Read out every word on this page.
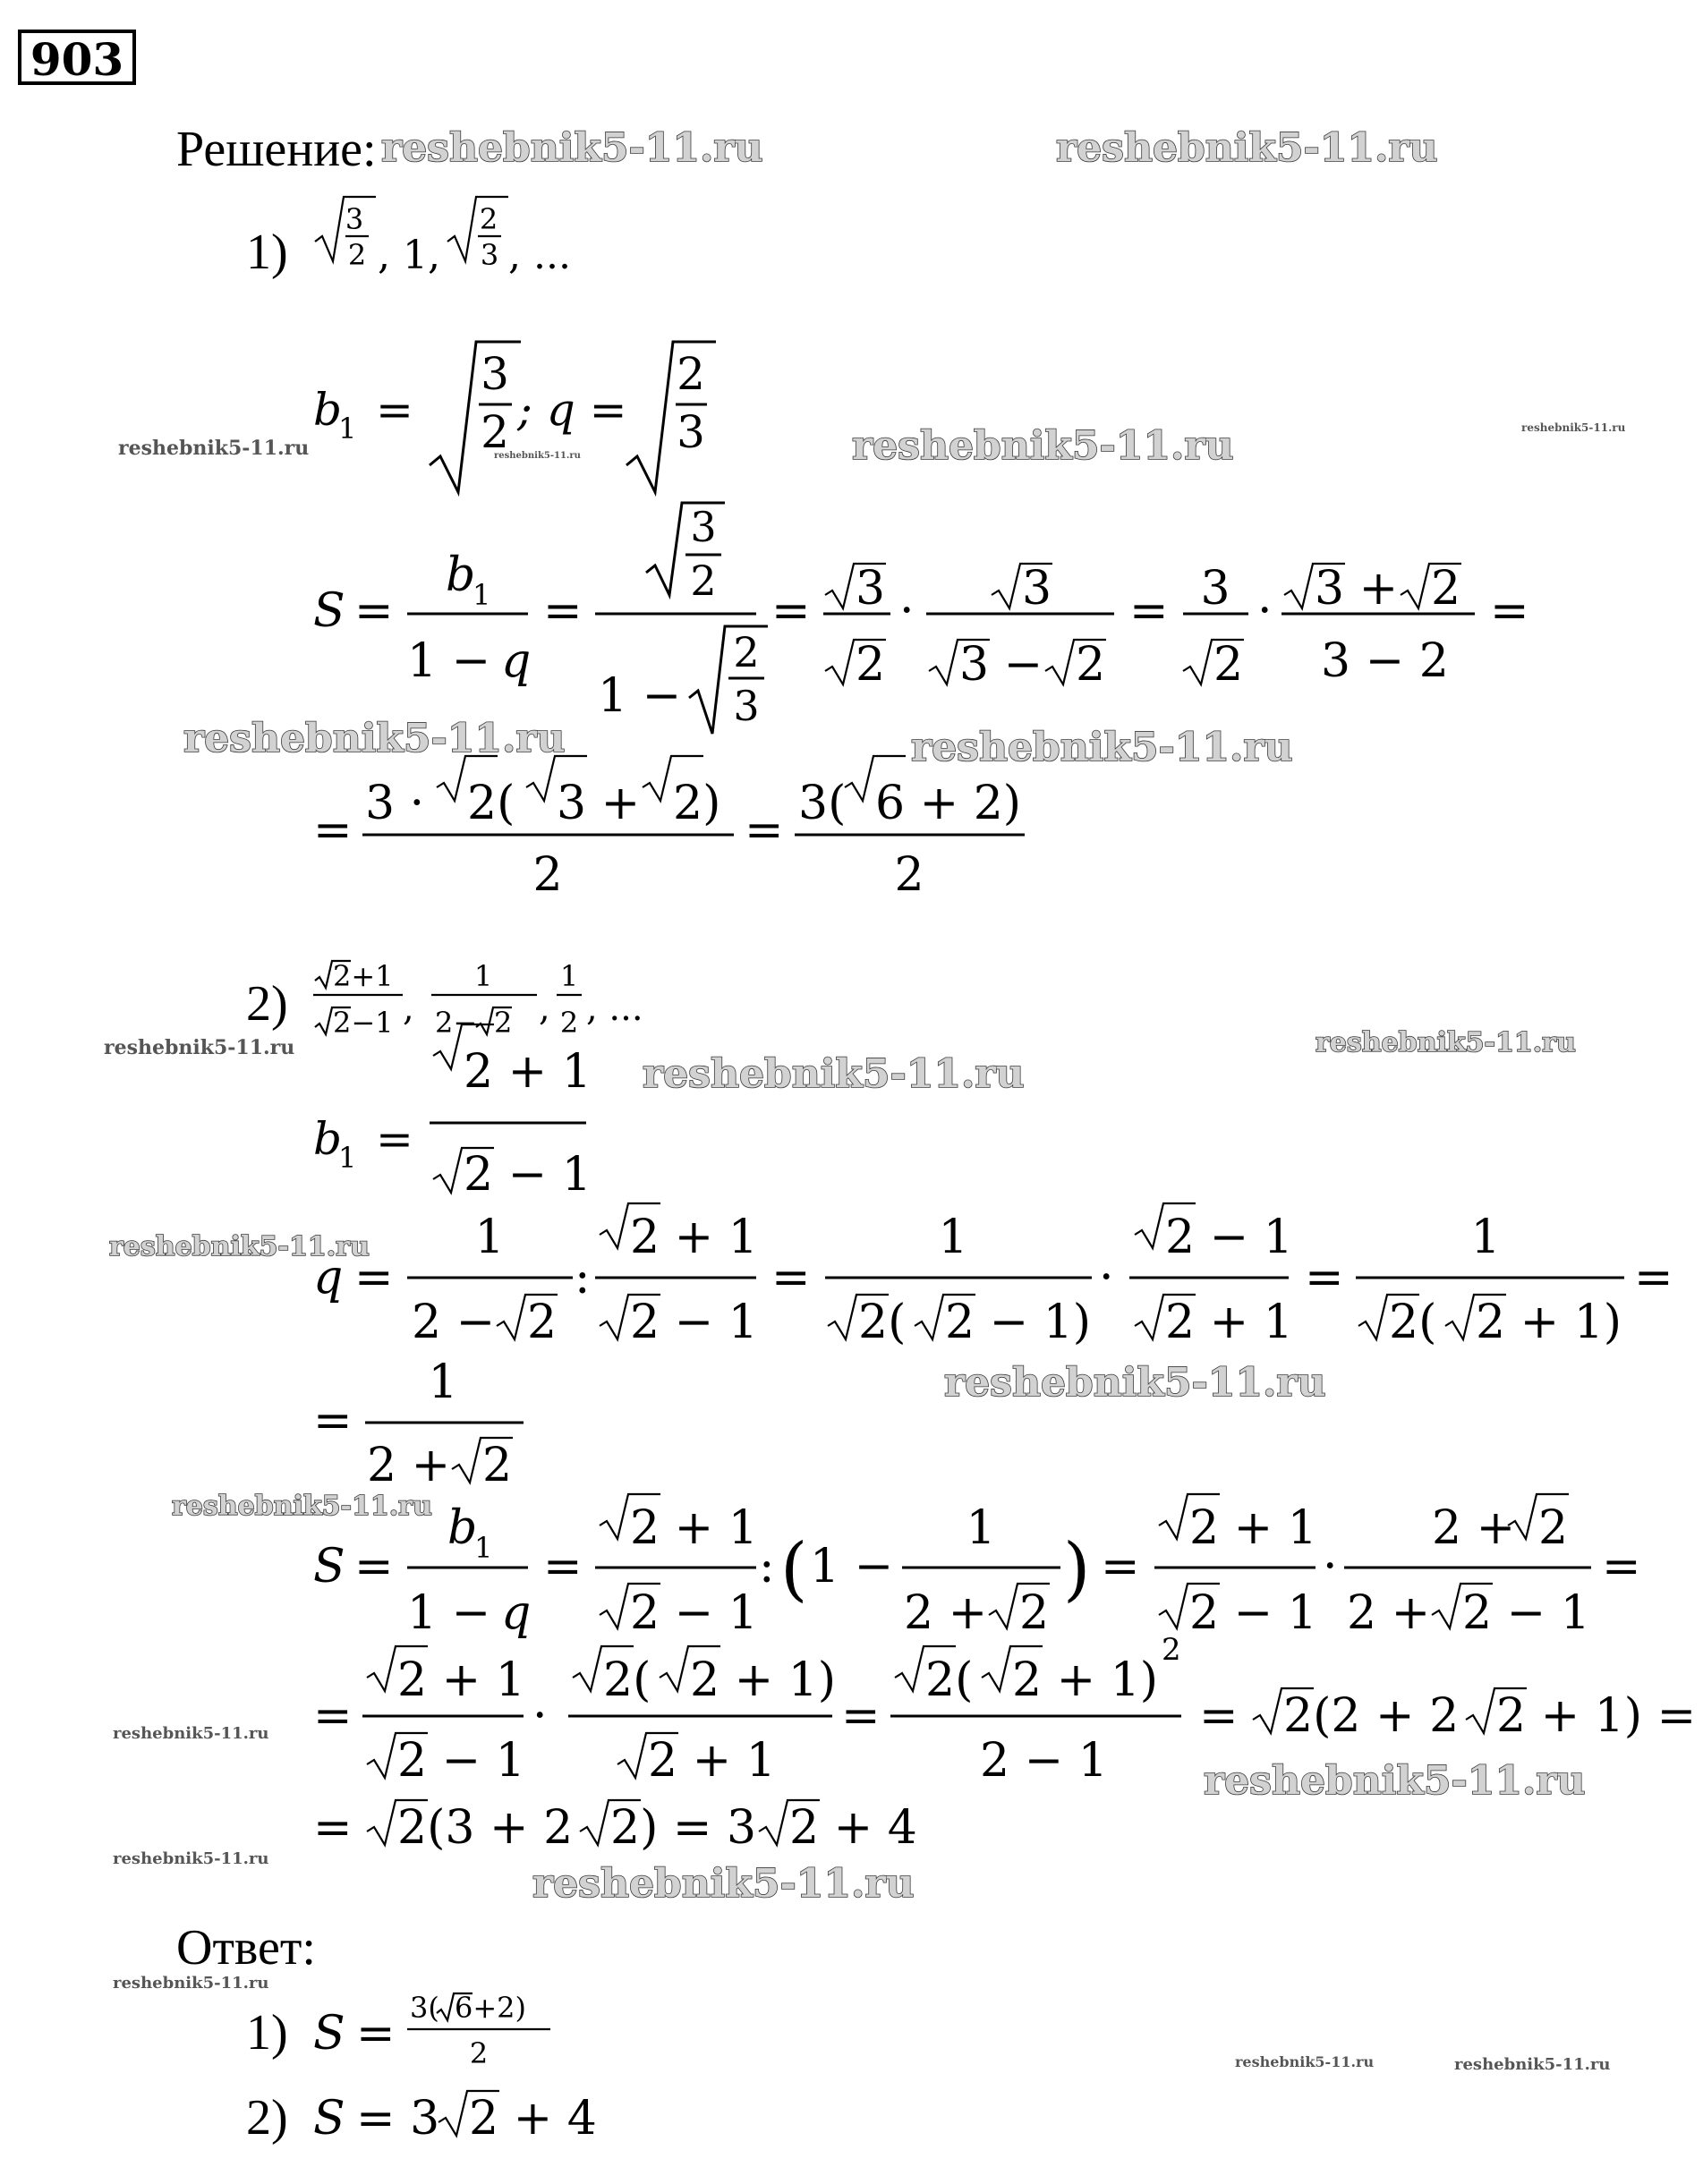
903
reshebnik5-11.ru	reshebnik5-11.ru
reshebnik5-11.ru
reshebnik5-11.ru	reshebnik5-11.ru
reshebnik5-11.ru
reshebnik5-11.ru
reshebnik5-11.ru
reshebnik5-11.ru
reshebnik5-11.ru
reshebnik5-11.ru
reshebnik5-11.ru
reshebnik5-11.ru
reshebnik5-11.ru
reshebnik5-11.ru
reshebnik5-11.ru
reshebnik5-11.ru
reshebnik5-11.ru	reshebnik5-11.ru
reshebnik5-11.ru
reshebnik5-11.ru
Решение:
1)
3
2 , 1,
2
3 , ...
b
1 =
3
2 ; q =
2
3
S =
b
1
1 − q
=
3
2
1 −
2
3
= 3
2
· 3
3 − 2
= 3
2
· 3 + 2
3 − 2
=
= 3 · 2( 3 + 2)
2
= 3( 6 + 2)
2
2) 2+1
2−1 ,
1
2− 2 ,
1
2 , ...
b
1 =
2 + 1
2 − 1
q =
1
2 − 2
:
2 + 1
2 − 1
=
1
2( 2 − 1)
·
2 − 1
2 + 1
=
1
2( 2 + 1)
=
=
1
2 + 2
S =
b
1
1 − q
=
2 + 1
2 − 1
: ( 1 −
1
2 + 2
) =
2 + 1
2 − 1
·
2 + 2
2 + 2 − 1
=
=
2 + 1
2 − 1
·
2( 2 + 1)
2 + 1
=
2( 2 + 1)
2
2 − 1
= 2(2 + 2 2 + 1) =
= 2(3 + 2 2) = 3 2 + 4
Ответ:
1) S = 3( 6+2)
2
2) S = 3 2 + 4
